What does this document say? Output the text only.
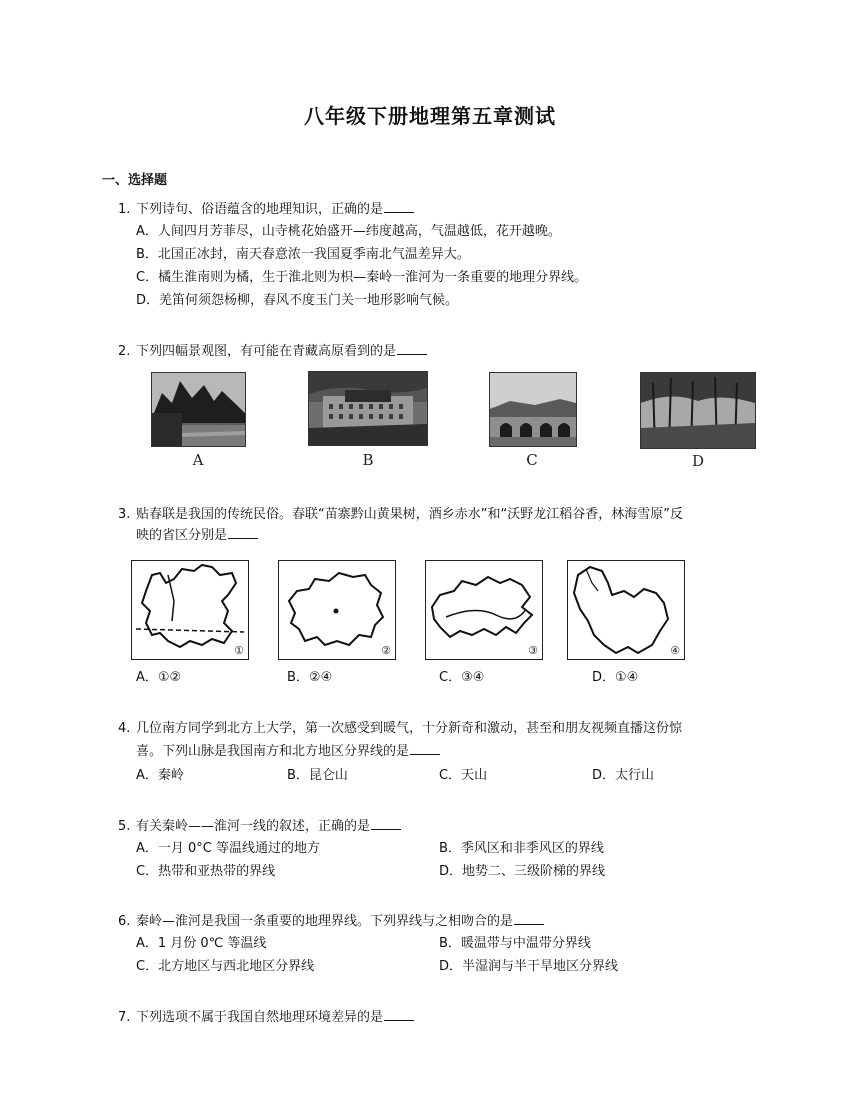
八年级下册地理第五章测试
一、选择题
1. 下列诗句、俗语蕴含的地理知识，正确的是
A．人间四月芳菲尽，山寺桃花始盛开—纬度越高，气温越低，花开越晚。
B．北国正冰封，南天春意浓一我国夏季南北气温差异大。
C．橘生淮南则为橘，生于淮北则为枳—秦岭一淮河为一条重要的地理分界线。
D．羌笛何须怨杨柳，春风不度玉门关一地形影响气候。
2. 下列四幅景观图，有可能在青藏高原看到的是
A	B	C	D
3. 贴春联是我国的传统民俗。春联“苗寨黔山黄果树，酒乡赤水”和“沃野龙江稻谷香，林海雪原”反
映的省区分别是
①	②	③	④
A．①②	B．②④	C．③④	D．①④
4. 几位南方同学到北方上大学，第一次感受到暖气，十分新奇和激动，甚至和朋友视频直播这份惊
喜。下列山脉是我国南方和北方地区分界线的是
A．秦岭	B．昆仑山	C．天山	D．太行山
5. 有关秦岭——淮河一线的叙述，正确的是
A．一月 0°C 等温线通过的地方	B．季风区和非季风区的界线
C．热带和亚热带的界线	D．地势二、三级阶梯的界线
6. 秦岭—淮河是我国一条重要的地理界线。下列界线与之相吻合的是
A．1 月份 0℃ 等温线	B．暖温带与中温带分界线
C．北方地区与西北地区分界线	D．半湿润与半干旱地区分界线
7. 下列选项不属于我国自然地理环境差异的是
